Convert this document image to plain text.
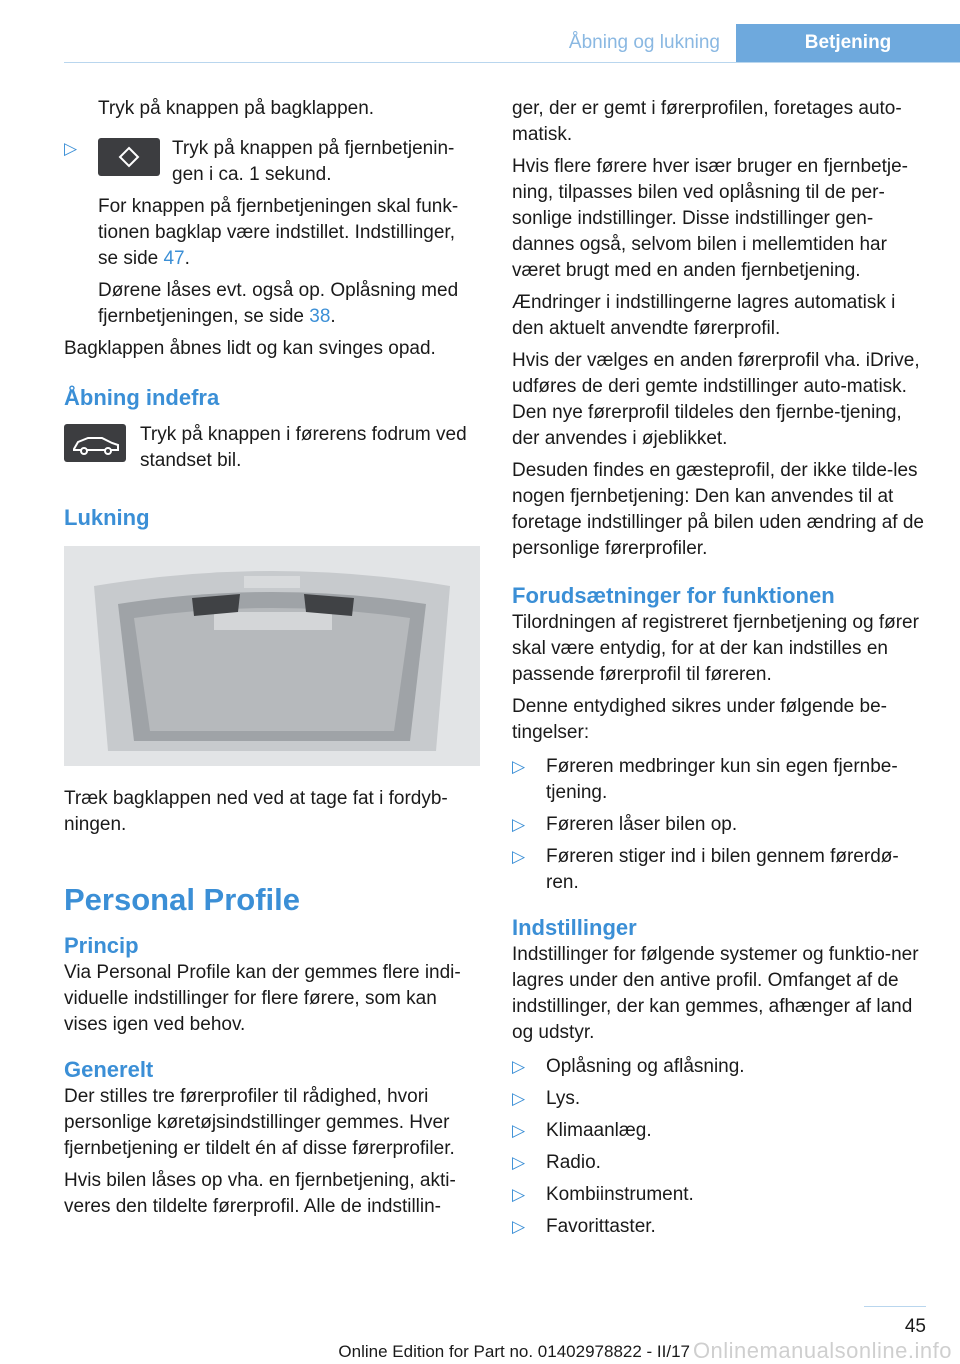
Åbning og lukning	Betjening

Tryk på knappen på bagklappen.

▷	Tryk på knappen på fjernbetjenin-
gen i ca. 1 sekund.

For knappen på fjernbetjeningen skal funk-tionen bagklap være indstillet. Indstillinger, se side 47.

Dørene låses evt. også op. Oplåsning med fjernbetjeningen, se side 38.

Bagklappen åbnes lidt og kan svinges opad.

Åbning indefra
Tryk på knappen i førerens fodrum ved standset bil.
Lukning

Træk bagklappen ned ved at tage fat i fordyb-ningen.

Personal Profile
Princip

Via Personal Profile kan der gemmes flere indi-viduelle indstillinger for flere førere, som kan vises igen ved behov.

Generelt

Der stilles tre førerprofiler til rådighed, hvori personlige køretøjsindstillinger gemmes. Hver fjernbetjening er tildelt én af disse førerprofiler.

Hvis bilen låses op vha. en fjernbetjening, akti-veres den tildelte førerprofil. Alle de indstillin-

ger, der er gemt i førerprofilen, foretages auto-matisk.

Hvis flere førere hver især bruger en fjernbetje-ning, tilpasses bilen ved oplåsning til de per-sonlige indstillinger. Disse indstillinger gen-dannes også, selvom bilen i mellemtiden har været brugt med en anden fjernbetjening.

Ændringer i indstillingerne lagres automatisk i den aktuelt anvendte førerprofil.

Hvis der vælges en anden førerprofil vha. iDrive, udføres de deri gemte indstillinger auto-matisk. Den nye førerprofil tildeles den fjernbe-tjening, der anvendes i øjeblikket.

Desuden findes en gæsteprofil, der ikke tilde-les nogen fjernbetjening: Den kan anvendes til at foretage indstillinger på bilen uden ændring af de personlige førerprofiler.

Forudsætninger for funktionen

Tilordningen af registreret fjernbetjening og fører skal være entydig, for at der kan indstilles en passende førerprofil til føreren.

Denne entydighed sikres under følgende be-tingelser:

▷ Føreren medbringer kun sin egen fjernbe-tjening.
▷ Føreren låser bilen op.
▷ Føreren stiger ind i bilen gennem førerdø-ren.
Indstillinger

Indstillinger for følgende systemer og funktio-ner lagres under den antive profil. Omfanget af de indstillinger, der kan gemmes, afhænger af land og udstyr.

▷ Oplåsning og aflåsning.
▷ Lys.
▷ Klimaanlæg.
▷ Radio.
▷ Kombiinstrument.
▷ Favorittaster.
45
Online Edition for Part no. 01402978822 - II/17 Onlinemanualsonline.info
